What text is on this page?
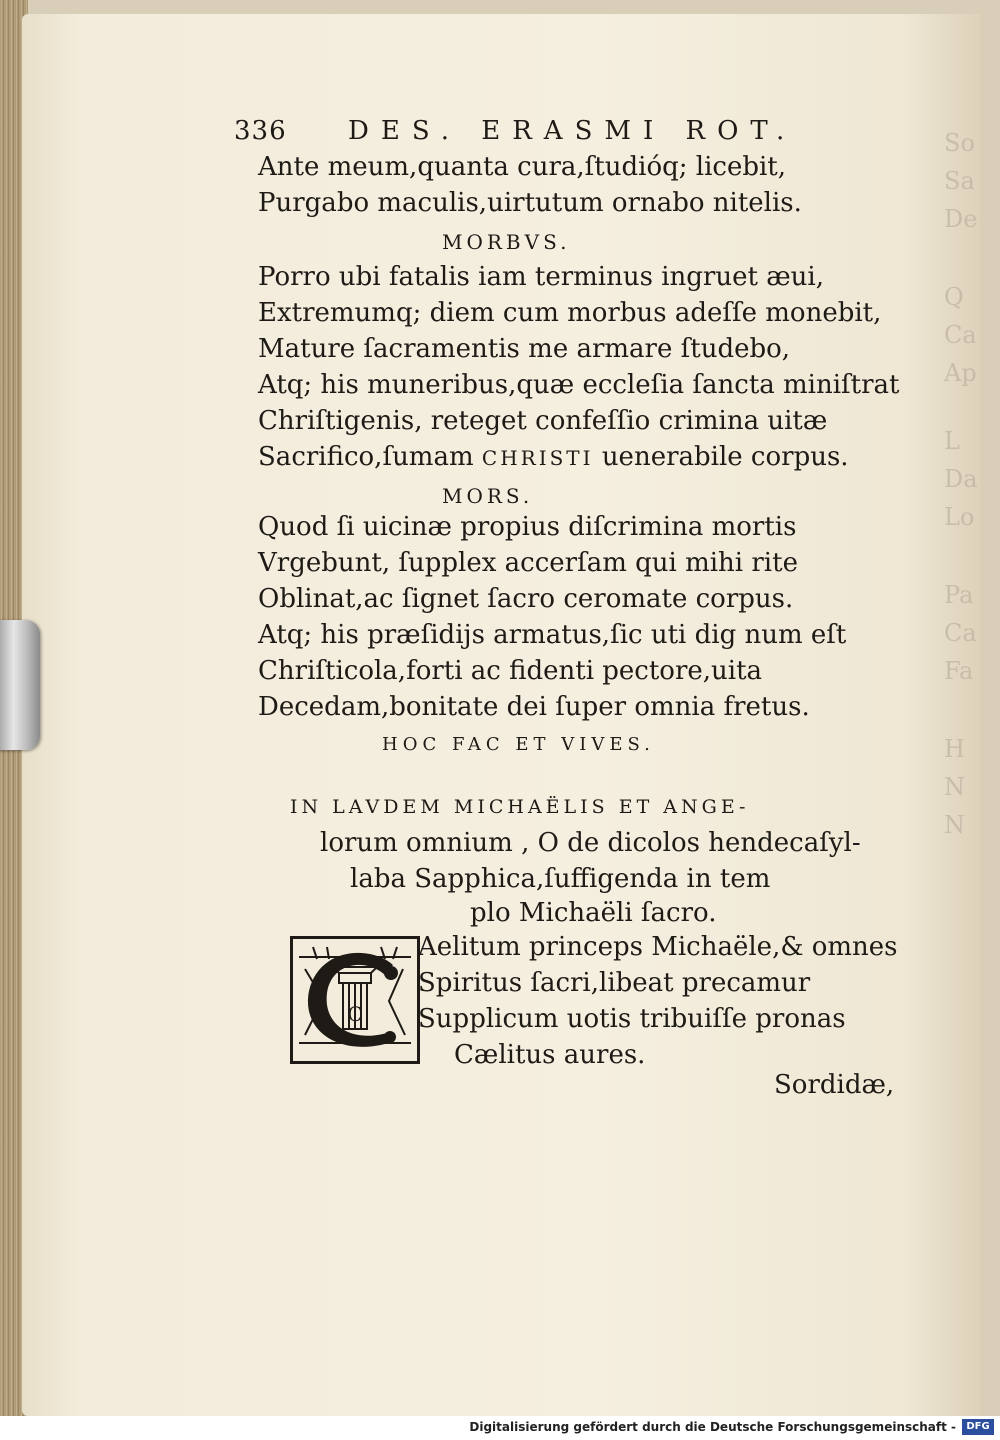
336 DES. ERASMI ROT.
Ante meum,quanta cura,ſtudióq; licebit,
Purgabo maculis,uirtutum ornabo nitelis.
MORBVS.
Porro ubi fatalis iam terminus ingruet æui,
Extremumq; diem cum morbus adeſſe monebit,
Mature ſacramentis me armare ſtudebo,
Atq; his muneribus,quæ eccleſia ſancta miniſtrat
Chriſtigenis, reteget confeſſio crimina uitæ
Sacrifico,ſumam CHRISTI uenerabile corpus.
MORS.
Quod ſi uicinæ propius diſcrimina mortis
Vrgebunt, ſupplex accerſam qui mihi rite
Oblinat,ac ſignet ſacro ceromate corpus.
Atq; his præſidijs armatus,ſic uti dig num eſt
Chriſticola,forti ac fidenti pectore,uita
Decedam,bonitate dei ſuper omnia fretus.
HOC FAC ET VIVES.
IN LAVDEM MICHAËLIS ET ANGE-
lorum omnium , O de dicolos hendecaſyl-
laba Sapphica,ſuffigenda in tem
plo Michaëli ſacro.
C
Aelitum princeps Michaële,& omnes
Spiritus ſacri,libeat precamur
Supplicum uotis tribuiſſe pronas
Cælitus aures.
Sordidæ,
So
Sa
De
Q
Ca
Ap
L
Da
Lo
Pa
Ca
Fa
H
N
N
Digitalisierung gefördert durch die Deutsche Forschungsgemeinschaft -	DFG
